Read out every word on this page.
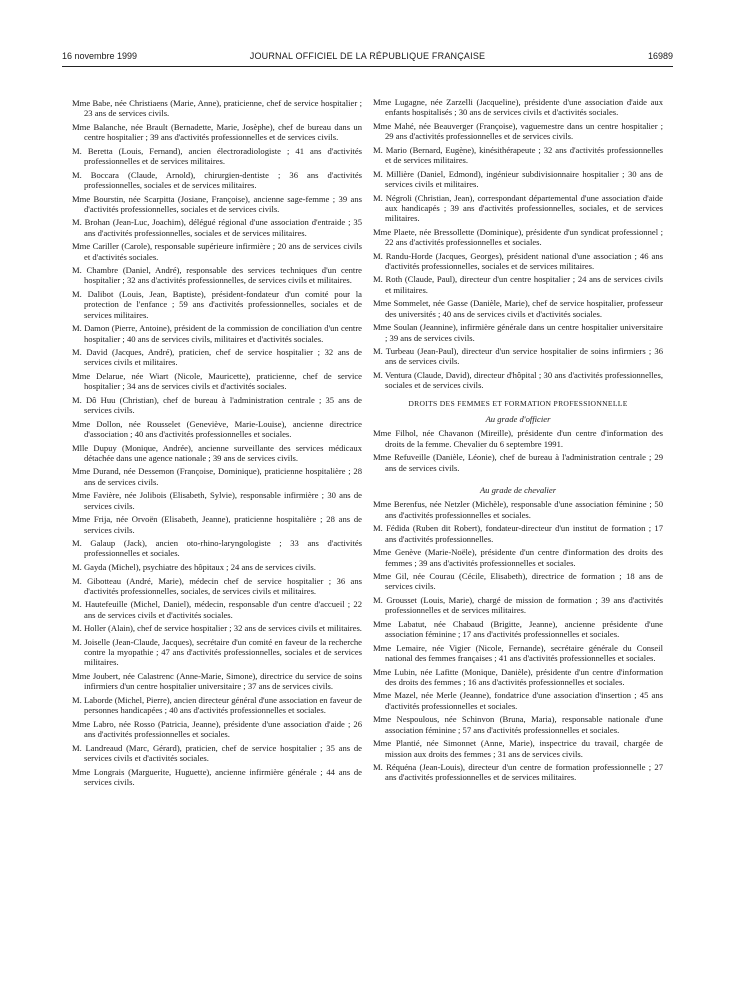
16 novembre 1999	JOURNAL OFFICIEL DE LA RÉPUBLIQUE FRANÇAISE	16989

Mme Babe, née Christiaens (Marie, Anne), praticienne, chef de service hospitalier ; 23 ans de services civils.

Mme Balanche, née Brault (Bernadette, Marie, Josèphe), chef de bureau dans un centre hospitalier ; 39 ans d'activités professionnelles et de services civils.

M. Beretta (Louis, Fernand), ancien électroradiologiste ; 41 ans d'activités professionnelles et de services militaires.

M. Boccara (Claude, Arnold), chirurgien-dentiste ; 36 ans d'activités professionnelles, sociales et de services militaires.

Mme Bourstin, née Scarpitta (Josiane, Françoise), ancienne sage-femme ; 39 ans d'activités professionnelles, sociales et de services civils.

M. Brohan (Jean-Luc, Joachim), délégué régional d'une association d'entraide ; 35 ans d'activités professionnelles, sociales et de services militaires.

Mme Cariller (Carole), responsable supérieure infirmière ; 20 ans de services civils et d'activités sociales.

M. Chambre (Daniel, André), responsable des services techniques d'un centre hospitalier ; 32 ans d'activités professionnelles, de services civils et militaires.

M. Dalibot (Louis, Jean, Baptiste), président-fondateur d'un comité pour la protection de l'enfance ; 59 ans d'activités professionnelles, sociales et de services militaires.

M. Damon (Pierre, Antoine), président de la commission de conciliation d'un centre hospitalier ; 40 ans de services civils, militaires et d'activités sociales.

M. David (Jacques, André), praticien, chef de service hospitalier ; 32 ans de services civils et militaires.

Mme Delarue, née Wiart (Nicole, Mauricette), praticienne, chef de service hospitalier ; 34 ans de services civils et d'activités sociales.

M. Dô Huu (Christian), chef de bureau à l'administration centrale ; 35 ans de services civils.

Mme Dollon, née Rousselet (Geneviève, Marie-Louise), ancienne directrice d'association ; 40 ans d'activités professionnelles et sociales.

Mlle Dupuy (Monique, Andrée), ancienne surveillante des services médicaux détachée dans une agence nationale ; 39 ans de services civils.

Mme Durand, née Dessemon (Françoise, Dominique), praticienne hospitalière ; 28 ans de services civils.

Mme Favière, née Jolibois (Elisabeth, Sylvie), responsable infirmière ; 30 ans de services civils.

Mme Frija, née Orvoën (Elisabeth, Jeanne), praticienne hospitalière ; 28 ans de services civils.

M. Galaup (Jack), ancien oto-rhino-laryngologiste ; 33 ans d'activités professionnelles et sociales.

M. Gayda (Michel), psychiatre des hôpitaux ; 24 ans de services civils.

M. Gibotteau (André, Marie), médecin chef de service hospitalier ; 36 ans d'activités professionnelles, sociales, de services civils et militaires.

M. Hautefeuille (Michel, Daniel), médecin, responsable d'un centre d'accueil ; 22 ans de services civils et d'activités sociales.

M. Holler (Alain), chef de service hospitalier ; 32 ans de services civils et militaires.

M. Joiselle (Jean-Claude, Jacques), secrétaire d'un comité en faveur de la recherche contre la myopathie ; 47 ans d'activités professionnelles, sociales et de services militaires.

Mme Joubert, née Calastrenc (Anne-Marie, Simone), directrice du service de soins infirmiers d'un centre hospitalier universitaire ; 37 ans de services civils.

M. Laborde (Michel, Pierre), ancien directeur général d'une association en faveur de personnes handicapées ; 40 ans d'activités professionnelles et sociales.

Mme Labro, née Rosso (Patricia, Jeanne), présidente d'une association d'aide ; 26 ans d'activités professionnelles et sociales.

M. Landreaud (Marc, Gérard), praticien, chef de service hospitalier ; 35 ans de services civils et d'activités sociales.

Mme Longrais (Marguerite, Huguette), ancienne infirmière générale ; 44 ans de services civils.

Mme Lugagne, née Zarzelli (Jacqueline), présidente d'une association d'aide aux enfants hospitalisés ; 30 ans de services civils et d'activités sociales.

Mme Mahé, née Beauverger (Françoise), vaguemestre dans un centre hospitalier ; 29 ans d'activités professionnelles et de services civils.

M. Mario (Bernard, Eugène), kinésithérapeute ; 32 ans d'activités professionnelles et de services militaires.

M. Millière (Daniel, Edmond), ingénieur subdivisionnaire hospitalier ; 30 ans de services civils et militaires.

M. Négroli (Christian, Jean), correspondant départemental d'une association d'aide aux handicapés ; 39 ans d'activités professionnelles, sociales, et de services militaires.

Mme Plaete, née Bressollette (Dominique), présidente d'un syndicat professionnel ; 22 ans d'activités professionnelles et sociales.

M. Randu-Horde (Jacques, Georges), président national d'une association ; 46 ans d'activités professionnelles, sociales et de services militaires.

M. Roth (Claude, Paul), directeur d'un centre hospitalier ; 24 ans de services civils et militaires.

Mme Sommelet, née Gasse (Danièle, Marie), chef de service hospitalier, professeur des universités ; 40 ans de services civils et d'activités sociales.

Mme Soulan (Jeannine), infirmière générale dans un centre hospitalier universitaire ; 39 ans de services civils.

M. Turbeau (Jean-Paul), directeur d'un service hospitalier de soins infirmiers ; 36 ans de services civils.

M. Ventura (Claude, David), directeur d'hôpital ; 30 ans d'activités professionnelles, sociales et de services civils.

DROITS DES FEMMES ET FORMATION PROFESSIONNELLE
Au grade d'officier

Mme Filhol, née Chavanon (Mireille), présidente d'un centre d'information des droits de la femme. Chevalier du 6 septembre 1991.

Mme Refuveille (Danièle, Léonie), chef de bureau à l'administration centrale ; 29 ans de services civils.

Au grade de chevalier

Mme Berenfus, née Netzler (Michèle), responsable d'une association féminine ; 50 ans d'activités professionnelles et sociales.

M. Fédida (Ruben dit Robert), fondateur-directeur d'un institut de formation ; 17 ans d'activités professionnelles.

Mme Genève (Marie-Noële), présidente d'un centre d'information des droits des femmes ; 39 ans d'activités professionnelles et sociales.

Mme Gil, née Courau (Cécile, Elisabeth), directrice de formation ; 18 ans de services civils.

M. Grousset (Louis, Marie), chargé de mission de formation ; 39 ans d'activités professionnelles et de services militaires.

Mme Labatut, née Chabaud (Brigitte, Jeanne), ancienne présidente d'une association féminine ; 17 ans d'activités professionnelles et sociales.

Mme Lemaire, née Vigier (Nicole, Fernande), secrétaire générale du Conseil national des femmes françaises ; 41 ans d'activités professionnelles et sociales.

Mme Lubin, née Lafitte (Monique, Danièle), présidente d'un centre d'information des droits des femmes ; 16 ans d'activités professionnelles et sociales.

Mme Mazel, née Merle (Jeanne), fondatrice d'une association d'insertion ; 45 ans d'activités professionnelles et sociales.

Mme Nespoulous, née Schinvon (Bruna, Maria), responsable nationale d'une association féminine ; 57 ans d'activités professionnelles et sociales.

Mme Plantié, née Simonnet (Anne, Marie), inspectrice du travail, chargée de mission aux droits des femmes ; 31 ans de services civils.

M. Réquéna (Jean-Louis), directeur d'un centre de formation professionnelle ; 27 ans d'activités professionnelles et de services militaires.
